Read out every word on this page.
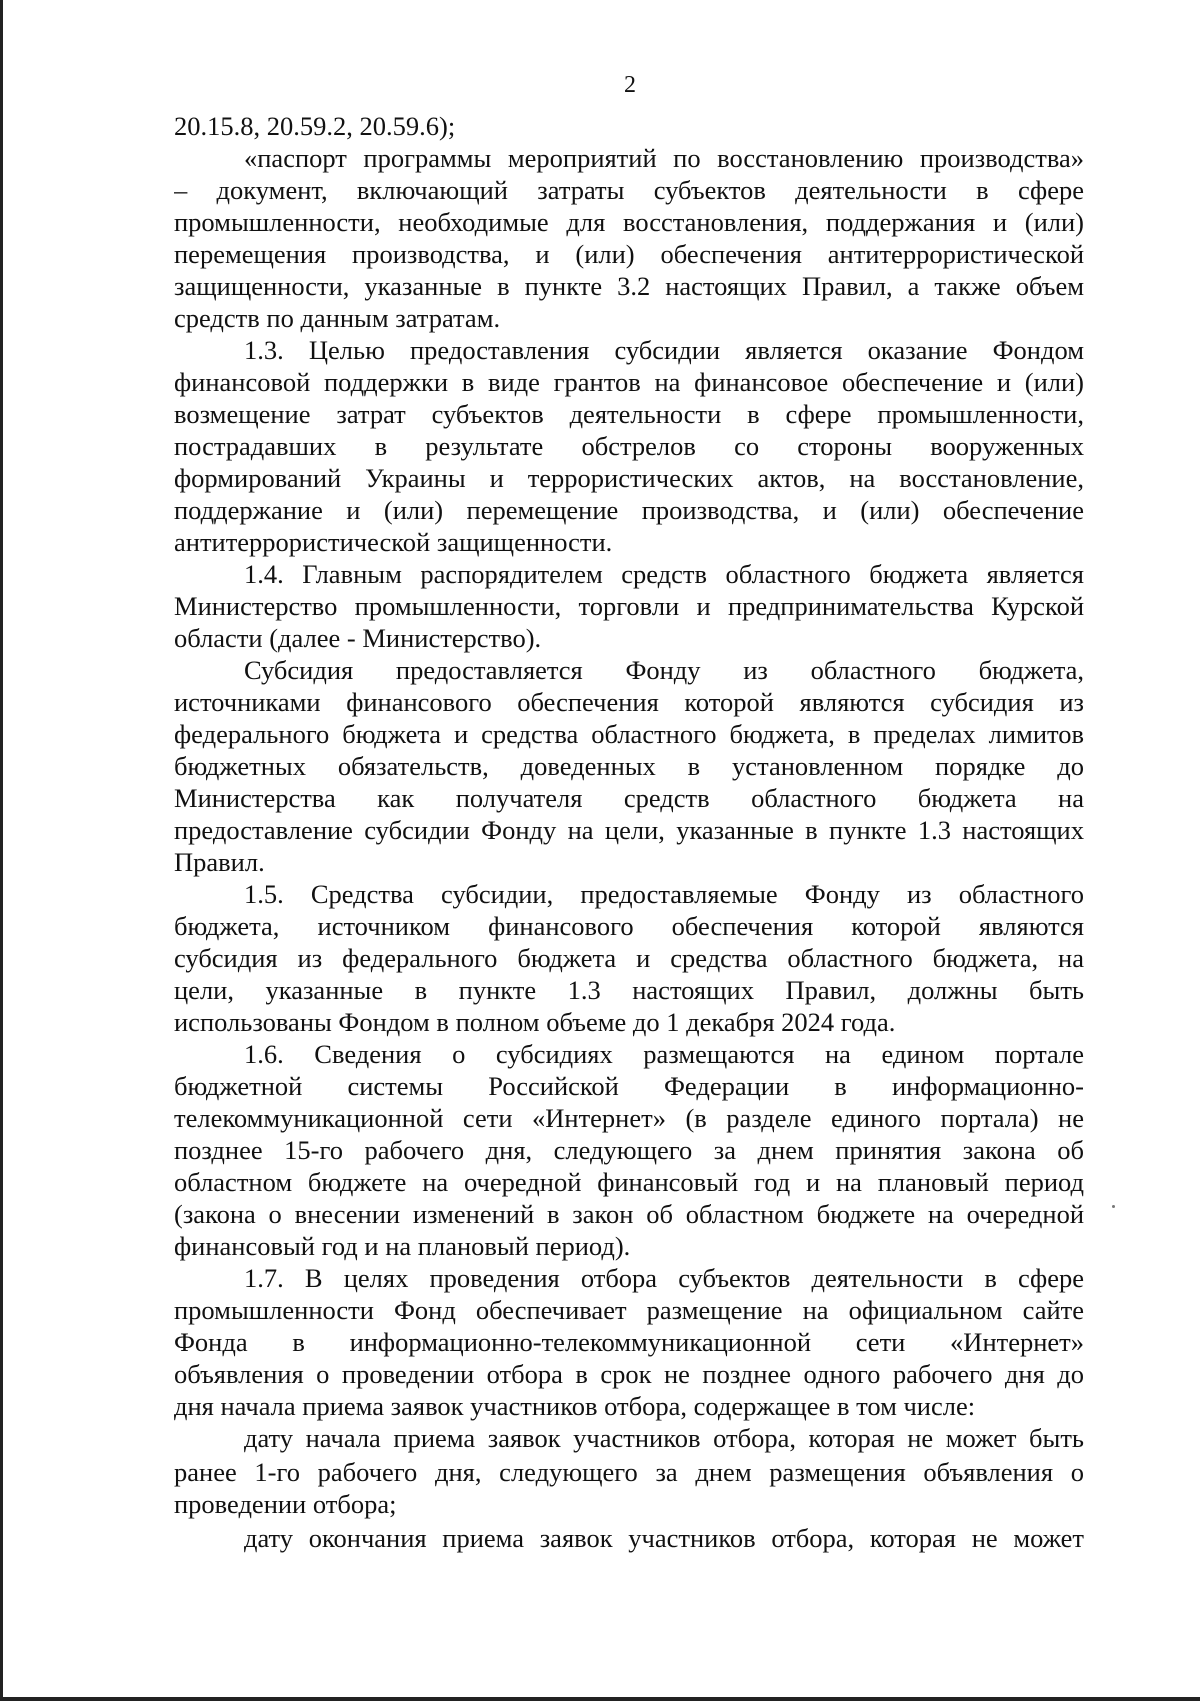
2
20.15.8, 20.59.2, 20.59.6);
«паспорт программы мероприятий по восстановлению производства»
– документ, включающий затраты субъектов деятельности в сфере
промышленности, необходимые для восстановления, поддержания и (или)
перемещения производства, и (или) обеспечения антитеррористической
защищенности, указанные в пункте 3.2 настоящих Правил, а также объем
средств по данным затратам.
1.3. Целью предоставления субсидии является оказание Фондом
финансовой поддержки в виде грантов на финансовое обеспечение и (или)
возмещение затрат субъектов деятельности в сфере промышленности,
пострадавших в результате обстрелов со стороны вооруженных
формирований Украины и террористических актов, на восстановление,
поддержание и (или) перемещение производства, и (или) обеспечение
антитеррористической защищенности.
1.4. Главным распорядителем средств областного бюджета является
Министерство промышленности, торговли и предпринимательства Курской
области (далее - Министерство).
Субсидия предоставляется Фонду из областного бюджета,
источниками финансового обеспечения которой являются субсидия из
федерального бюджета и средства областного бюджета, в пределах лимитов
бюджетных обязательств, доведенных в установленном порядке до
Министерства как получателя средств областного бюджета на
предоставление субсидии Фонду на цели, указанные в пункте 1.3 настоящих
Правил.
1.5. Средства субсидии, предоставляемые Фонду из областного
бюджета, источником финансового обеспечения которой являются
субсидия из федерального бюджета и средства областного бюджета, на
цели, указанные в пункте 1.3 настоящих Правил, должны быть
использованы Фондом в полном объеме до 1 декабря 2024 года.
1.6. Сведения о субсидиях размещаются на едином портале
бюджетной системы Российской Федерации в информационно-
телекоммуникационной сети «Интернет» (в разделе единого портала) не
позднее 15-го рабочего дня, следующего за днем принятия закона об
областном бюджете на очередной финансовый год и на плановый период
(закона о внесении изменений в закон об областном бюджете на очередной
финансовый год и на плановый период).
1.7. В целях проведения отбора субъектов деятельности в сфере
промышленности Фонд обеспечивает размещение на официальном сайте
Фонда в информационно-телекоммуникационной сети «Интернет»
объявления о проведении отбора в срок не позднее одного рабочего дня до
дня начала приема заявок участников отбора, содержащее в том числе:
дату начала приема заявок участников отбора, которая не может быть
ранее 1-го рабочего дня, следующего за днем размещения объявления о
проведении отбора;
дату окончания приема заявок участников отбора, которая не может
